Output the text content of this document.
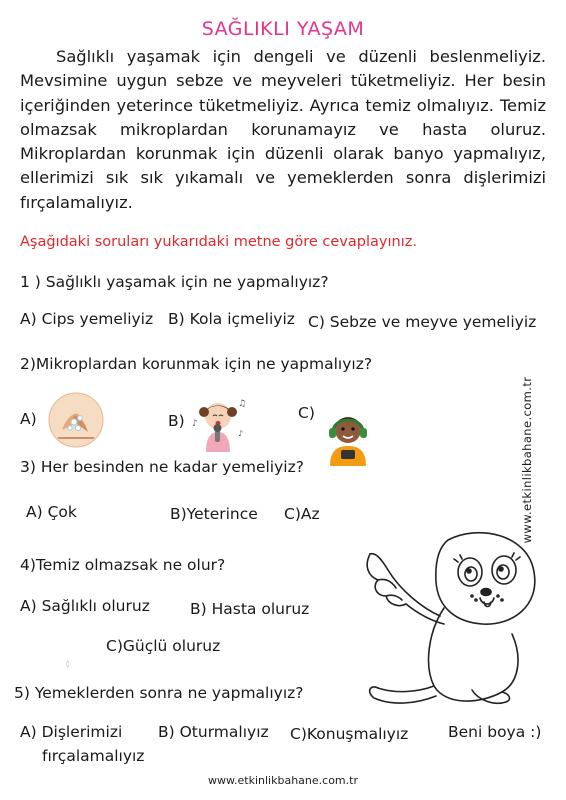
SAĞLIKLI YAŞAM

Sağlıklı yaşamak için dengeli ve düzenli beslenmeliyiz. Mevsimine uygun sebze ve meyveleri tüketmeliyiz. Her besin içeriğinden yeterince tüketmeliyiz. Ayrıca temiz olmalıyız. Temiz olmazsak mikroplardan korunamayız ve hasta oluruz. Mikroplardan korunmak için düzenli olarak banyo yapmalıyız, ellerimizi sık sık yıkamalı ve yemeklerden sonra dişlerimizi fırçalamalıyız.

Aşağıdaki soruları yukarıdaki metne göre cevaplayınız.
1 ) Sağlıklı yaşamak için ne yapmalıyız?
A) Cips yemeliyiz B) Kola içmeliyiz C) Sebze ve meyve yemeliyiz
2)Mikroplardan korunmak için ne yapmalıyız?
A)	B)	C)
♪
♫
♪
3) Her besinden ne kadar yemeliyiz?
A) Çok	B)Yeterince C)Az	www.etkinlikbahane.com.tr
4)Temiz olmazsak ne olur?
A) Sağlıklı oluruz	B) Hasta oluruz
C)Güçlü oluruz
◊
5) Yemeklerden sonra ne yapmalıyız?
A) Dişlerimizi
fırçalamalıyız
B) Oturmalıyız C)Konuşmalıyız	Beni boya :)
www.etkinlikbahane.com.tr
